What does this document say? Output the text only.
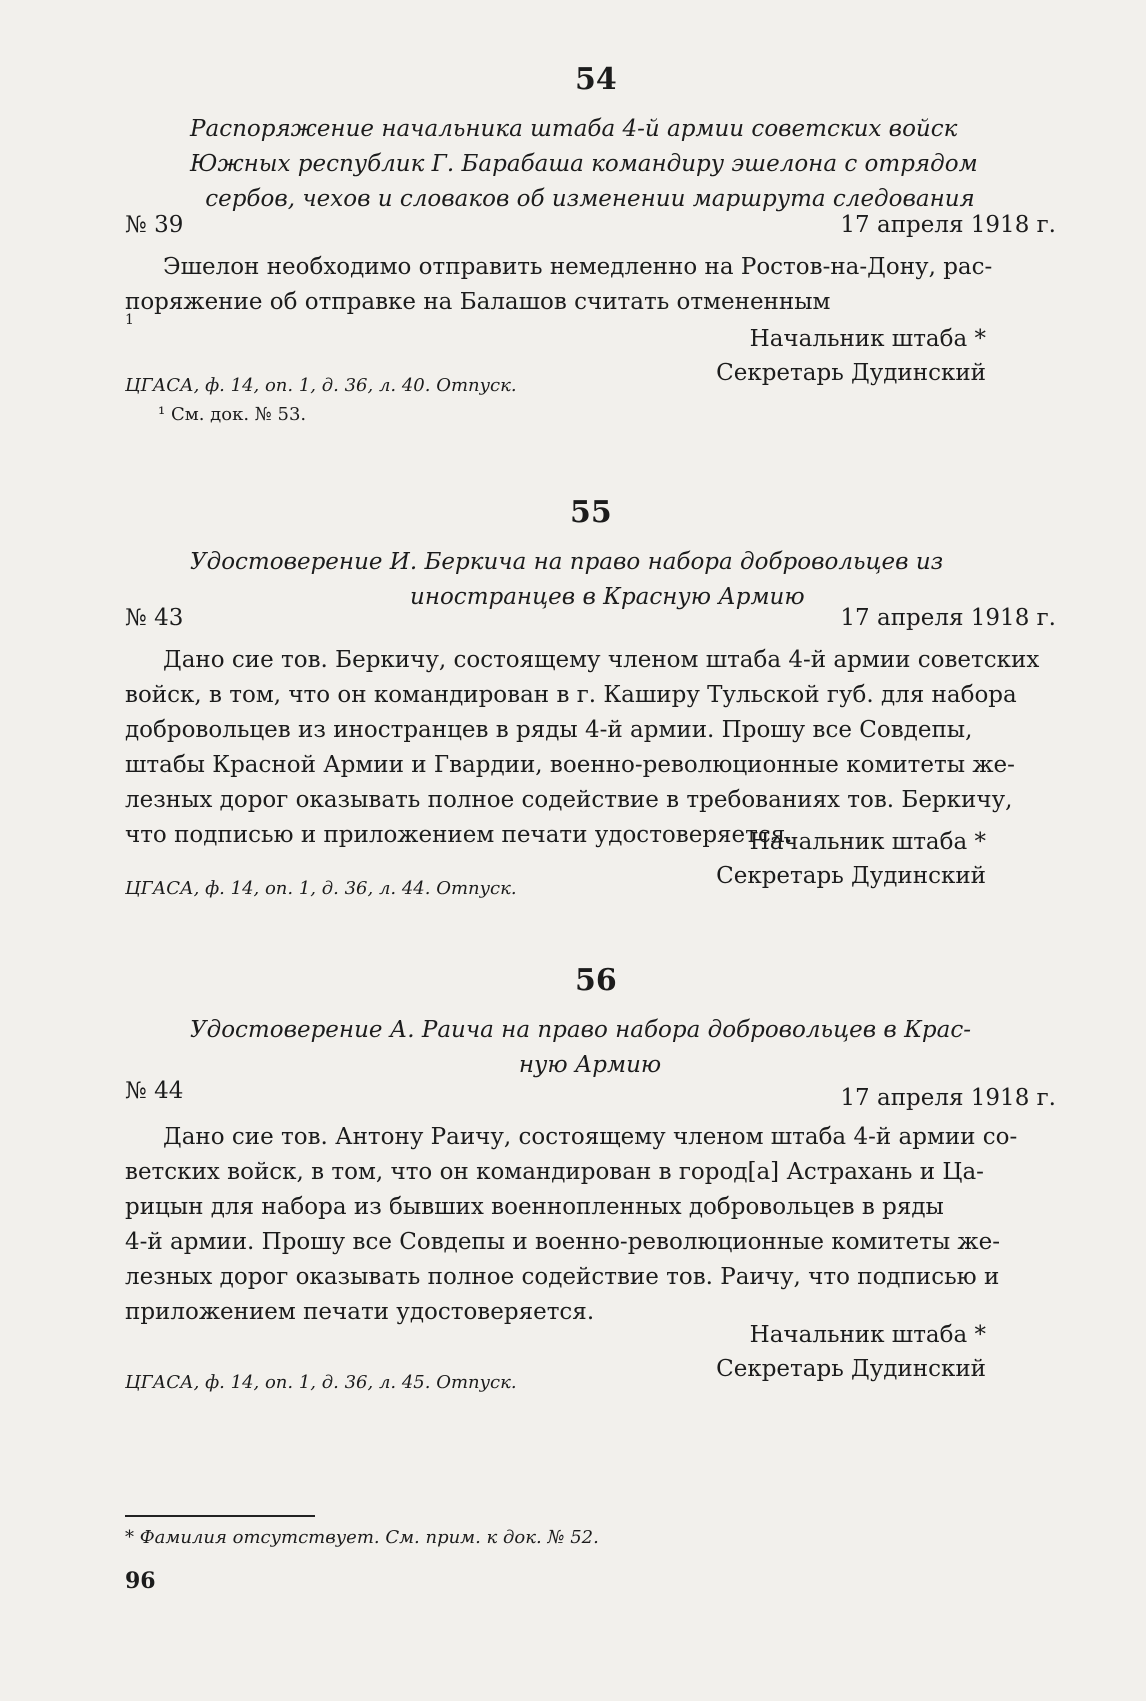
54
Распоряжение начальника штаба 4-й армии советских войск
Южных республик Г. Барабаша командиру эшелона с отрядом
сербов, чехов и словаков об изменении маршрута следования
№ 39	17 апреля 1918 г.
Эшелон необходимо отправить немедленно на Ростов-на-Дону, рас-
поряжение об отправке на Балашов считать отмененным
1
Начальник штаба *
Секретарь Дудинский
ЦГАСА, ф. 14, оп. 1, д. 36, л. 40. Отпуск.
¹ См. док. № 53.
55
Удостоверение И. Беркича на право набора добровольцев из
иностранцев в Красную Армию
№ 43	17 апреля 1918 г.
Дано сие тов. Беркичу, состоящему членом штаба 4-й армии советских
войск, в том, что он командирован в г. Каширу Тульской губ. для набора
добровольцев из иностранцев в ряды 4-й армии. Прошу все Совдепы,
штабы Красной Армии и Гвардии, военно-революционные комитеты же-
лезных дорог оказывать полное содействие в требованиях тов. Беркичу,
что подписью и приложением печати удостоверяется.
Начальник штаба *
Секретарь Дудинский
ЦГАСА, ф. 14, оп. 1, д. 36, л. 44. Отпуск.
56
Удостоверение А. Раича на право набора добровольцев в Крас-
ную Армию
№ 44	17 апреля 1918 г.
Дано сие тов. Антону Раичу, состоящему членом штаба 4-й армии со-
ветских войск, в том, что он командирован в город[а] Астрахань и Ца-
рицын для набора из бывших военнопленных добровольцев в ряды
4-й армии. Прошу все Совдепы и военно-революционные комитеты же-
лезных дорог оказывать полное содействие тов. Раичу, что подписью и
приложением печати удостоверяется.
Начальник штаба *
Секретарь Дудинский
ЦГАСА, ф. 14, оп. 1, д. 36, л. 45. Отпуск.
* Фамилия отсутствует. См. прим. к док. № 52.
96
